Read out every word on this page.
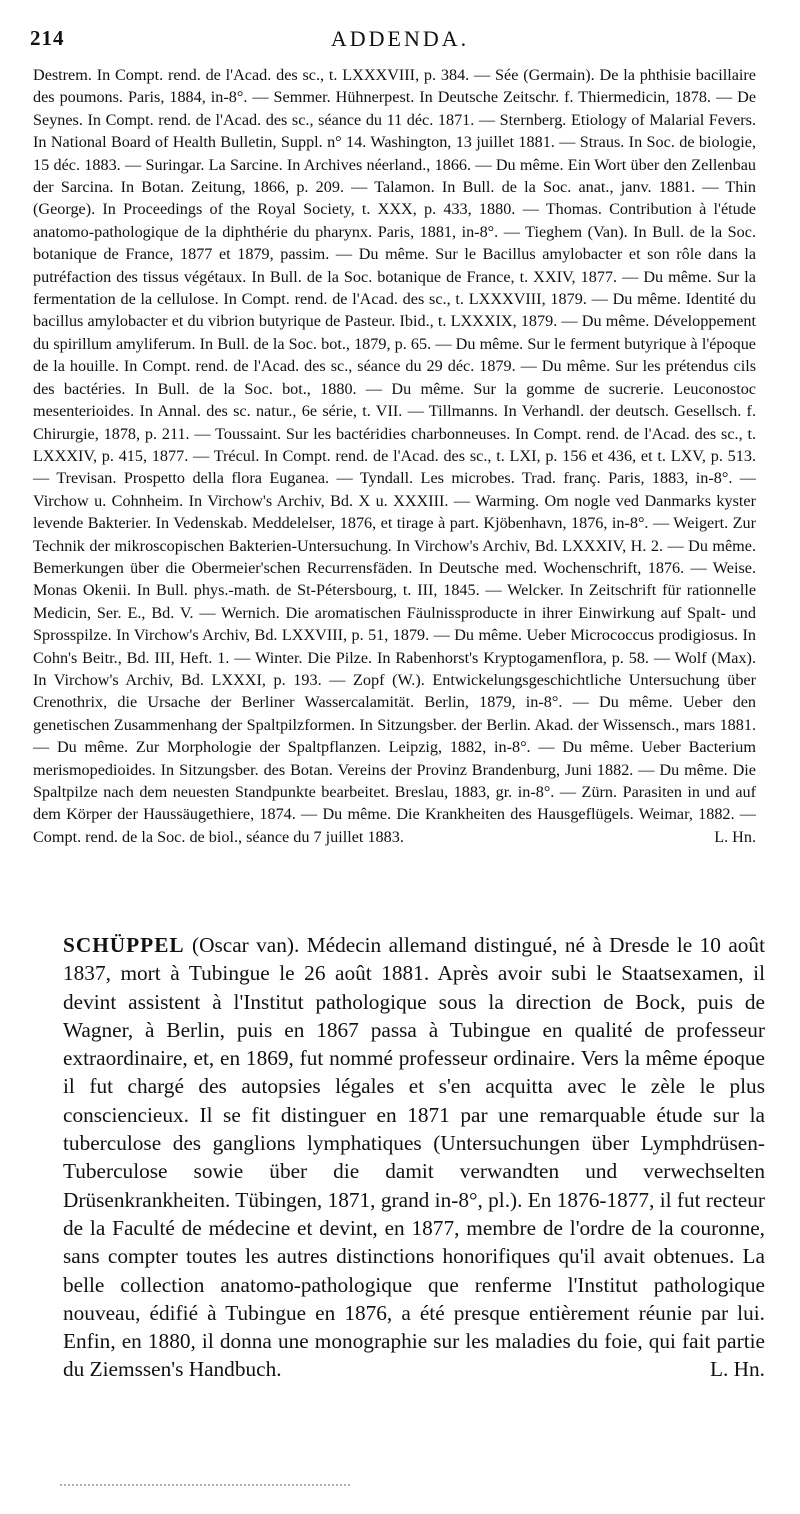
214	ADDENDA.

Destrem. In Compt. rend. de l'Acad. des sc., t. LXXXVIII, p. 384. — Sée (Germain). De la phthisie bacillaire des poumons. Paris, 1884, in-8°. — Semmer. Hühnerpest. In Deutsche Zeitschr. f. Thiermedicin, 1878. — De Seynes. In Compt. rend. de l'Acad. des sc., séance du 11 déc. 1871. — Sternberg. Etiology of Malarial Fevers. In National Board of Health Bulletin, Suppl. n° 14. Washington, 13 juillet 1881. — Straus. In Soc. de biologie, 15 déc. 1883. — Suringar. La Sarcine. In Archives néerland., 1866. — Du même. Ein Wort über den Zellenbau der Sarcina. In Botan. Zeitung, 1866, p. 209. — Talamon. In Bull. de la Soc. anat., janv. 1881. — Thin (George). In Proceedings of the Royal Society, t. XXX, p. 433, 1880. — Thomas. Contribution à l'étude anatomo-pathologique de la diphthérie du pharynx. Paris, 1881, in-8°. — Tieghem (Van). In Bull. de la Soc. botanique de France, 1877 et 1879, passim. — Du même. Sur le Bacillus amylobacter et son rôle dans la putréfaction des tissus végétaux. In Bull. de la Soc. botanique de France, t. XXIV, 1877. — Du même. Sur la fermentation de la cellulose. In Compt. rend. de l'Acad. des sc., t. LXXXVIII, 1879. — Du même. Identité du bacillus amylobacter et du vibrion butyrique de Pasteur. Ibid., t. LXXXIX, 1879. — Du même. Développement du spirillum amyliferum. In Bull. de la Soc. bot., 1879, p. 65. — Du même. Sur le ferment butyrique à l'époque de la houille. In Compt. rend. de l'Acad. des sc., séance du 29 déc. 1879. — Du même. Sur les prétendus cils des bactéries. In Bull. de la Soc. bot., 1880. — Du même. Sur la gomme de sucrerie. Leuconostoc mesenterioides. In Annal. des sc. natur., 6e série, t. VII. — Tillmanns. In Verhandl. der deutsch. Gesellsch. f. Chirurgie, 1878, p. 211. — Toussaint. Sur les bactéridies charbonneuses. In Compt. rend. de l'Acad. des sc., t. LXXXIV, p. 415, 1877. — Trécul. In Compt. rend. de l'Acad. des sc., t. LXI, p. 156 et 436, et t. LXV, p. 513. — Trevisan. Prospetto della flora Euganea. — Tyndall. Les microbes. Trad. franç. Paris, 1883, in-8°. — Virchow u. Cohnheim. In Virchow's Archiv, Bd. X u. XXXIII. — Warming. Om nogle ved Danmarks kyster levende Bakterier. In Vedenskab. Meddelelser, 1876, et tirage à part. Kjöbenhavn, 1876, in-8°. — Weigert. Zur Technik der mikroscopischen Bakterien-Untersuchung. In Virchow's Archiv, Bd. LXXXIV, H. 2. — Du même. Bemerkungen über die Obermeier'schen Recurrensfäden. In Deutsche med. Wochenschrift, 1876. — Weise. Monas Okenii. In Bull. phys.-math. de St-Pétersbourg, t. III, 1845. — Welcker. In Zeitschrift für rationnelle Medicin, Ser. E., Bd. V. — Wernich. Die aromatischen Fäulnissproducte in ihrer Einwirkung auf Spalt- und Sprosspilze. In Virchow's Archiv, Bd. LXXVIII, p. 51, 1879. — Du même. Ueber Micrococcus prodigiosus. In Cohn's Beitr., Bd. III, Heft. 1. — Winter. Die Pilze. In Rabenhorst's Kryptogamenflora, p. 58. — Wolf (Max). In Virchow's Archiv, Bd. LXXXI, p. 193. — Zopf (W.). Entwickelungsgeschichtliche Untersuchung über Crenothrix, die Ursache der Berliner Wassercalamität. Berlin, 1879, in-8°. — Du même. Ueber den genetischen Zusammenhang der Spaltpilzformen. In Sitzungsber. der Berlin. Akad. der Wissensch., mars 1881. — Du même. Zur Morphologie der Spaltpflanzen. Leipzig, 1882, in-8°. — Du même. Ueber Bacterium merismopedioides. In Sitzungsber. des Botan. Vereins der Provinz Brandenburg, Juni 1882. — Du même. Die Spaltpilze nach dem neuesten Standpunkte bearbeitet. Breslau, 1883, gr. in-8°. — Zürn. Parasiten in und auf dem Körper der Haussäugethiere, 1874. — Du même. Die Krankheiten des Hausgeflügels. Weimar, 1882. — Compt. rend. de la Soc. de biol., séance du 7 juillet 1883.	L. Hn.

SCHÜPPEL (Oscar van). Médecin allemand distingué, né à Dresde le 10 août 1837, mort à Tubingue le 26 août 1881. Après avoir subi le Staatsexamen, il devint assistent à l'Institut pathologique sous la direction de Bock, puis de Wagner, à Berlin, puis en 1867 passa à Tubingue en qualité de professeur extraordinaire, et, en 1869, fut nommé professeur ordinaire. Vers la même époque il fut chargé des autopsies légales et s'en acquitta avec le zèle le plus consciencieux. Il se fit distinguer en 1871 par une remarquable étude sur la tuberculose des ganglions lymphatiques (Untersuchungen über Lymphdrüsen-Tuberculose sowie über die damit verwandten und verwechselten Drüsenkrankheiten. Tübingen, 1871, grand in-8°, pl.). En 1876-1877, il fut recteur de la Faculté de médecine et devint, en 1877, membre de l'ordre de la couronne, sans compter toutes les autres distinctions honorifiques qu'il avait obtenues. La belle collection anatomo-pathologique que renferme l'Institut pathologique nouveau, édifié à Tubingue en 1876, a été presque entièrement réunie par lui. Enfin, en 1880, il donna une monographie sur les maladies du foie, qui fait partie du Ziemssen's Handbuch.	L. Hn.
